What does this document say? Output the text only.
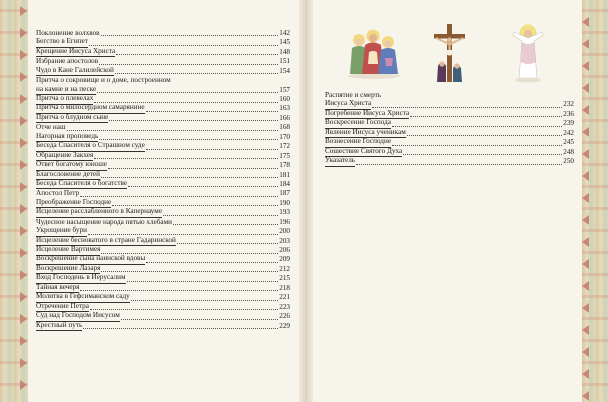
Поклонение волхвов	142
Бегство в Египет	145
Крещение Иисуса Христа	148
Избрание апостолов	151
Чудо в Кане Галилейской	154
Притча о сокровище и о доме, построенном
на камне и на песке	157
Притча о плевелах	160
Притча о милосердном самарянине	163
Притча о блудном сыне	166
Отче наш	168
Нагорная проповедь	170
Беседа Спасителя о Страшном суде	172
Обращение Закхея	175
Ответ богатому юноше	178
Благословение детей	181
Беседа Спасителя о богатстве	184
Апостол Петр	187
Преображение Господне	190
Исцеление расслабленного в Капернауме	193
Чудесное насыщение народа пятью хлебами	196
Укрощение бури	200
Исцеление бесноватого в стране Гадаринской	203
Исцеление Вартимея	206
Воскрешение сына наинской вдовы	209
Воскрешение Лазаря	212
Вход Господень в Иерусалим	215
Тайная вечеря	218
Молитва в Гефсиманском саду	221
Отречение Петра	223
Суд над Господом Иисусом	226
Крестный путь	229
Распятие и смерть
Иисуса Христа	232
Погребение Иисуса Христа	236
Воскресение Господа	239
Явление Иисуса ученикам	242
Вознесение Господне	245
Сошествие Святого Духа	248
Указатель	250
